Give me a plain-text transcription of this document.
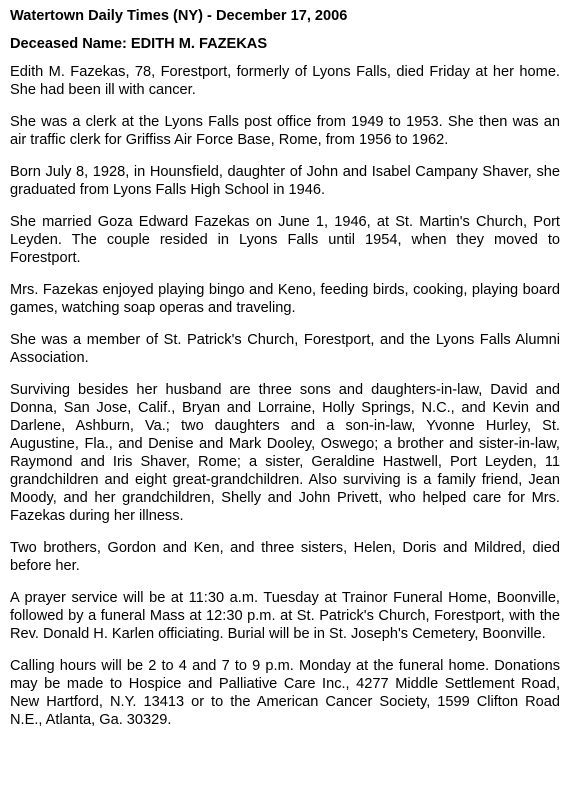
Watertown Daily Times (NY) - December 17, 2006
Deceased Name: EDITH M. FAZEKAS

Edith M. Fazekas, 78, Forestport, formerly of Lyons Falls, died Friday at her home. She had been ill with cancer.

She was a clerk at the Lyons Falls post office from 1949 to 1953. She then was an air traffic clerk for Griffiss Air Force Base, Rome, from 1956 to 1962.

Born July 8, 1928, in Hounsfield, daughter of John and Isabel Campany Shaver, she graduated from Lyons Falls High School in 1946.

She married Goza Edward Fazekas on June 1, 1946, at St. Martin's Church, Port Leyden. The couple resided in Lyons Falls until 1954, when they moved to Forestport.

Mrs. Fazekas enjoyed playing bingo and Keno, feeding birds, cooking, playing board games, watching soap operas and traveling.

She was a member of St. Patrick's Church, Forestport, and the Lyons Falls Alumni Association.

Surviving besides her husband are three sons and daughters-in-law, David and Donna, San Jose, Calif., Bryan and Lorraine, Holly Springs, N.C., and Kevin and Darlene, Ashburn, Va.; two daughters and a son-in-law, Yvonne Hurley, St. Augustine, Fla., and Denise and Mark Dooley, Oswego; a brother and sister-in-law, Raymond and Iris Shaver, Rome; a sister, Geraldine Hastwell, Port Leyden, 11 grandchildren and eight great-grandchildren. Also surviving is a family friend, Jean Moody, and her grandchildren, Shelly and John Privett, who helped care for Mrs. Fazekas during her illness.

Two brothers, Gordon and Ken, and three sisters, Helen, Doris and Mildred, died before her.

A prayer service will be at 11:30 a.m. Tuesday at Trainor Funeral Home, Boonville, followed by a funeral Mass at 12:30 p.m. at St. Patrick's Church, Forestport, with the Rev. Donald H. Karlen officiating. Burial will be in St. Joseph's Cemetery, Boonville.

Calling hours will be 2 to 4 and 7 to 9 p.m. Monday at the funeral home. Donations may be made to Hospice and Palliative Care Inc., 4277 Middle Settlement Road, New Hartford, N.Y. 13413 or to the American Cancer Society, 1599 Clifton Road N.E., Atlanta, Ga. 30329.
